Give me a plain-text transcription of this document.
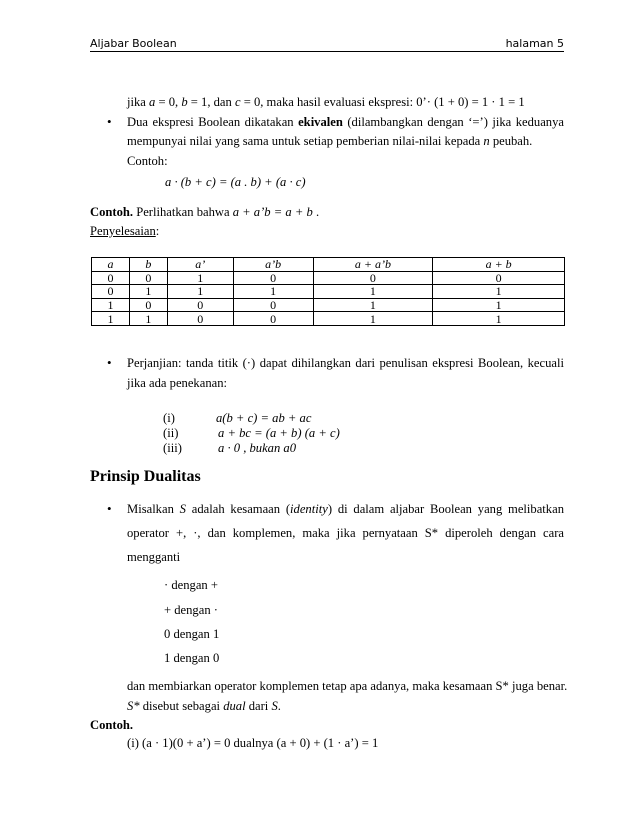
Aljabar Boolean	halaman 5
jika a = 0, b = 1, dan c = 0, maka hasil evaluasi ekspresi: 0’· (1 + 0) = 1 · 1 = 1
• Dua ekspresi Boolean dikatakan ekivalen (dilambangkan dengan ‘=’) jika keduanya
mempunyai nilai yang sama untuk setiap pemberian nilai-nilai kepada n peubah.
Contoh:
a · (b + c) = (a . b) + (a · c)
Contoh. Perlihatkan bahwa a + a’b = a + b .
Penyelesaian:
a	b	a’	a’b	a + a’b	a + b
0	0	1	0	0	0
0	1	1	1	1	1
1	0	0	0	1	1
1	1	0	0	1	1
• Perjanjian: tanda titik (·) dapat dihilangkan dari penulisan ekspresi Boolean, kecuali
jika ada penekanan:
(i)	a(b + c) = ab + ac
(ii)	a + bc = (a + b) (a + c)
(iii)	a · 0 , bukan a0
Prinsip Dualitas
• Misalkan S adalah kesamaan (identity) di dalam aljabar Boolean yang melibatkan
operator +, ·, dan komplemen, maka jika pernyataan S* diperoleh dengan cara
mengganti
· dengan +
+ dengan ·
0 dengan 1
1 dengan 0
dan membiarkan operator komplemen tetap apa adanya, maka kesamaan S* juga benar.
S* disebut sebagai dual dari S.
Contoh.
(i) (a · 1)(0 + a’) = 0 dualnya (a + 0) + (1 · a’) = 1
